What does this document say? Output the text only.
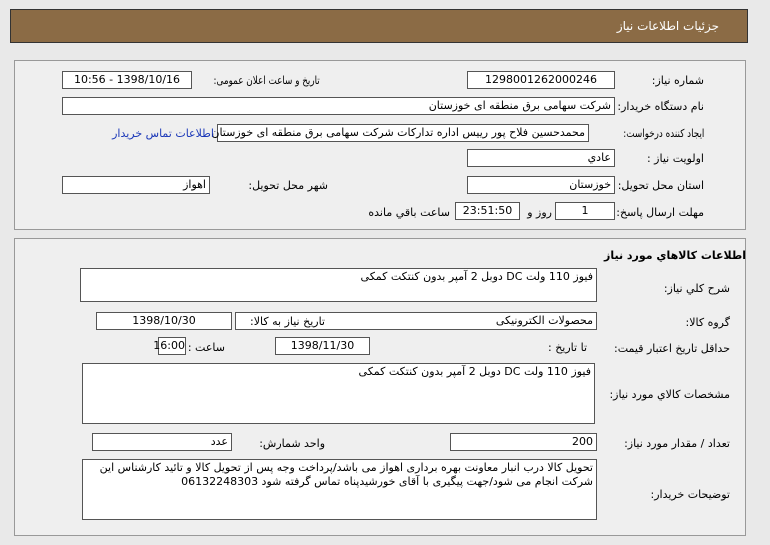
جزئیات اطلاعات نیاز
شماره نیاز:
1298001262000246
تاریخ و ساعت اعلان عمومی:
1398/10/16 - 10:56
نام دستگاه خریدار:
شرکت سهامی برق منطقه ای خوزستان
ایجاد کننده درخواست:
محمدحسین فلاح پور رییس اداره تدارکات شرکت سهامی برق منطقه ای خوزستان
اطلاعات تماس خریدار
اولویت نیاز :
عادي
استان محل تحویل:
خوزستان
شهر محل تحویل:
اهواز
مهلت ارسال پاسخ:
1
روز و
23:51:50
ساعت باقي مانده
اطلاعات کالاهاي مورد نياز
شرح کلي نياز:
فیوز 110 ولت DC دوبل 2 آمپر بدون کنتکت کمکی
گروه کالا:
محصولات الکترونیکی
تاریخ نیاز به کالا:
1398/10/30
حداقل تاریخ اعتبار قیمت:
تا تاریخ :
1398/11/30
ساعت :
16:00
مشخصات کالاي مورد نياز:
فیوز 110 ولت DC دوبل 2 آمپر بدون کنتکت کمکی
تعداد / مقدار مورد نیاز:
200
واحد شمارش:
عدد
توضیحات خریدار:
تحویل کالا درب انبار معاونت بهره برداری اهواز می باشد/پرداخت وجه پس از تحویل کالا و تائید کارشناس این شرکت انجام می شود/جهت پیگیری با آقای خورشیدپناه تماس گرفته شود 06132248303
